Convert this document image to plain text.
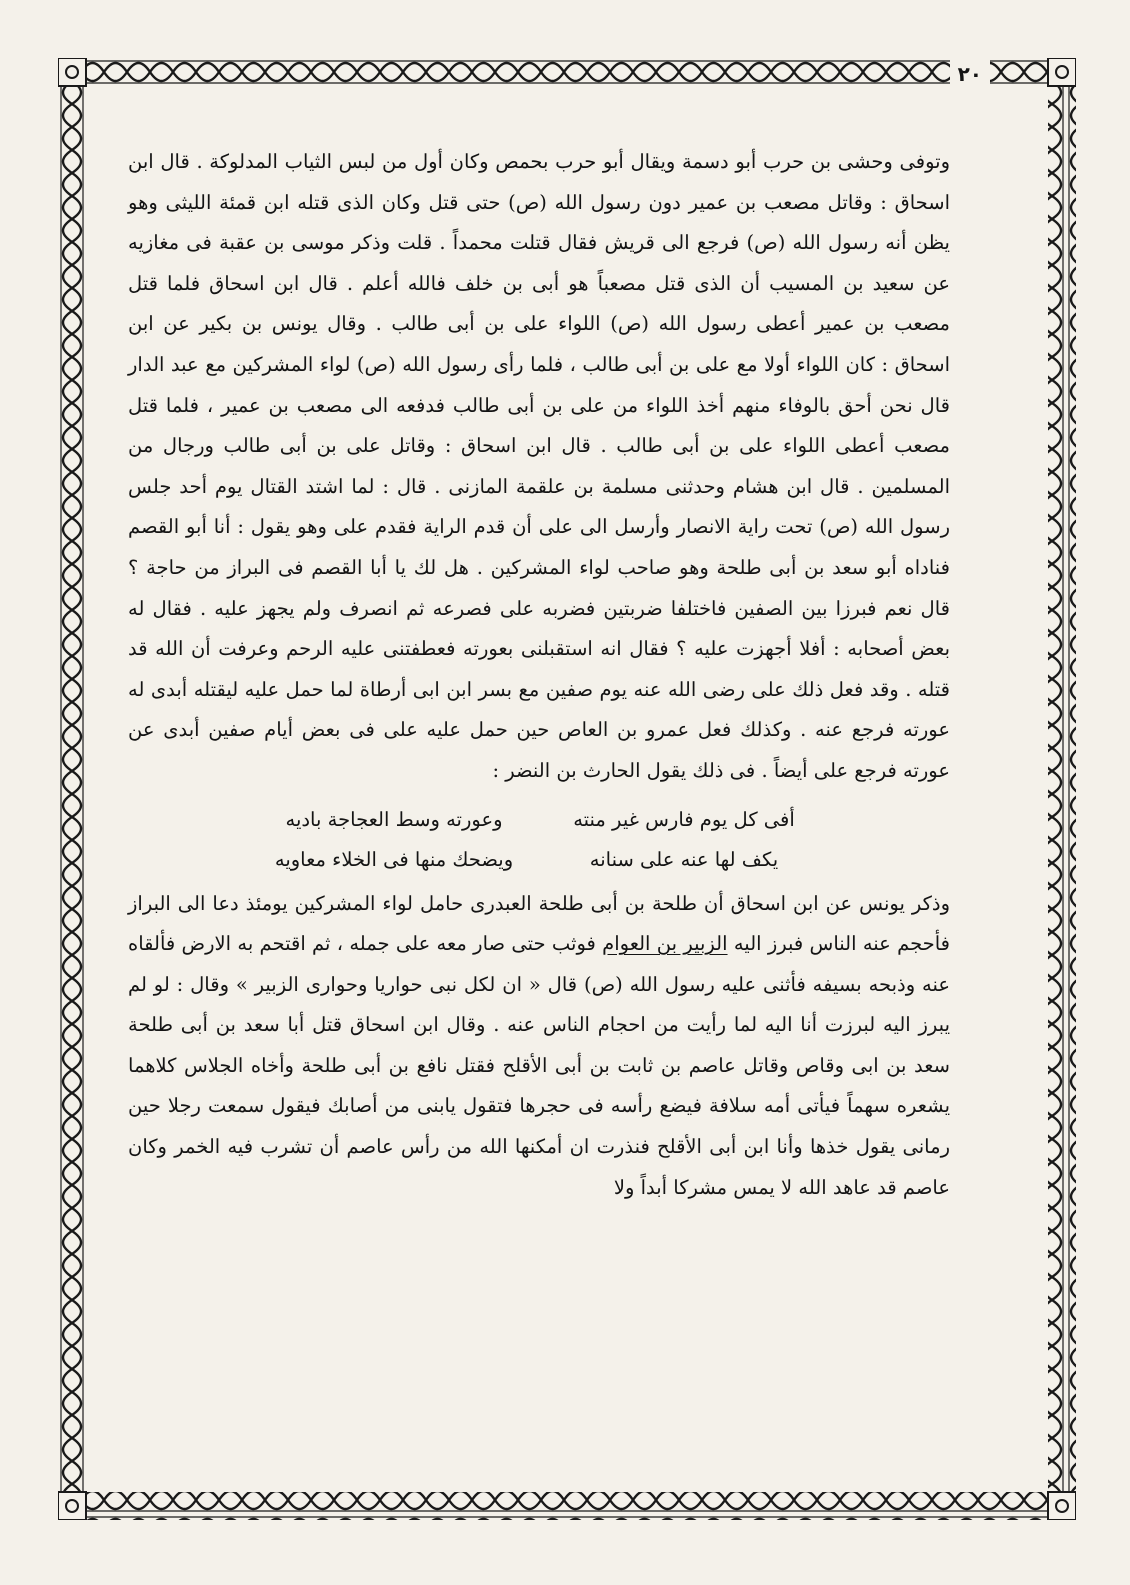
٢٠

وتوفى وحشى بن حرب أبو دسمة ويقال أبو حرب بحمص وكان أول من لبس الثياب المدلوكة . قال ابن اسحاق : وقاتل مصعب بن عمير دون رسول الله (ص) حتى قتل وكان الذى قتله ابن قمئة الليثى وهو يظن أنه رسول الله (ص) فرجع الى قريش فقال قتلت محمداً . قلت وذكر موسى بن عقبة فى مغازيه عن سعيد بن المسيب أن الذى قتل مصعباً هو أبى بن خلف فالله أعلم . قال ابن اسحاق فلما قتل مصعب بن عمير أعطى رسول الله (ص) اللواء على بن أبى طالب . وقال يونس بن بكير عن ابن اسحاق : كان اللواء أولا مع على بن أبى طالب ، فلما رأى رسول الله (ص) لواء المشركين مع عبد الدار قال نحن أحق بالوفاء منهم أخذ اللواء من على بن أبى طالب فدفعه الى مصعب بن عمير ، فلما قتل مصعب أعطى اللواء على بن أبى طالب . قال ابن اسحاق : وقاتل على بن أبى طالب ورجال من المسلمين . قال ابن هشام وحدثنى مسلمة بن علقمة المازنى . قال : لما اشتد القتال يوم أحد جلس رسول الله (ص) تحت راية الانصار وأرسل الى على أن قدم الراية فقدم على وهو يقول : أنا أبو القصم فناداه أبو سعد بن أبى طلحة وهو صاحب لواء المشركين . هل لك يا أبا القصم فى البراز من حاجة ؟ قال نعم فبرزا بين الصفين فاختلفا ضربتين فضربه على فصرعه ثم انصرف ولم يجهز عليه . فقال له بعض أصحابه : أفلا أجهزت عليه ؟ فقال انه استقبلنى بعورته فعطفتنى عليه الرحم وعرفت أن الله قد قتله . وقد فعل ذلك على رضى الله عنه يوم صفين مع بسر ابن ابى أرطاة لما حمل عليه ليقتله أبدى له عورته فرجع عنه . وكذلك فعل عمرو بن العاص حين حمل عليه على فى بعض أيام صفين أبدى عن عورته فرجع على أيضاً . فى ذلك يقول الحارث بن النضر :

أفى كل يوم فارس غير منته
وعورته وسط العجاجة باديه
يكف لها عنه على سنانه
ويضحك منها فى الخلاء معاويه

وذكر يونس عن ابن اسحاق أن طلحة بن أبى طلحة العبدرى حامل لواء المشركين يومئذ دعا الى البراز فأحجم عنه الناس فبرز اليه الزبير بن العوام فوثب حتى صار معه على جمله ، ثم اقتحم به الارض فألقاه عنه وذبحه بسيفه فأثنى عليه رسول الله (ص) قال « ان لكل نبى حواريا وحوارى الزبير » وقال : لو لم يبرز اليه لبرزت أنا اليه لما رأيت من احجام الناس عنه . وقال ابن اسحاق قتل أبا سعد بن أبى طلحة سعد بن ابى وقاص وقاتل عاصم بن ثابت بن أبى الأقلح فقتل نافع بن أبى طلحة وأخاه الجلاس كلاهما يشعره سهماً فيأتى أمه سلافة فيضع رأسه فى حجرها فتقول يابنى من أصابك فيقول سمعت رجلا حين رمانى يقول خذها وأنا ابن أبى الأقلح فنذرت ان أمكنها الله من رأس عاصم أن تشرب فيه الخمر وكان عاصم قد عاهد الله لا يمس مشركا أبداً ولا
